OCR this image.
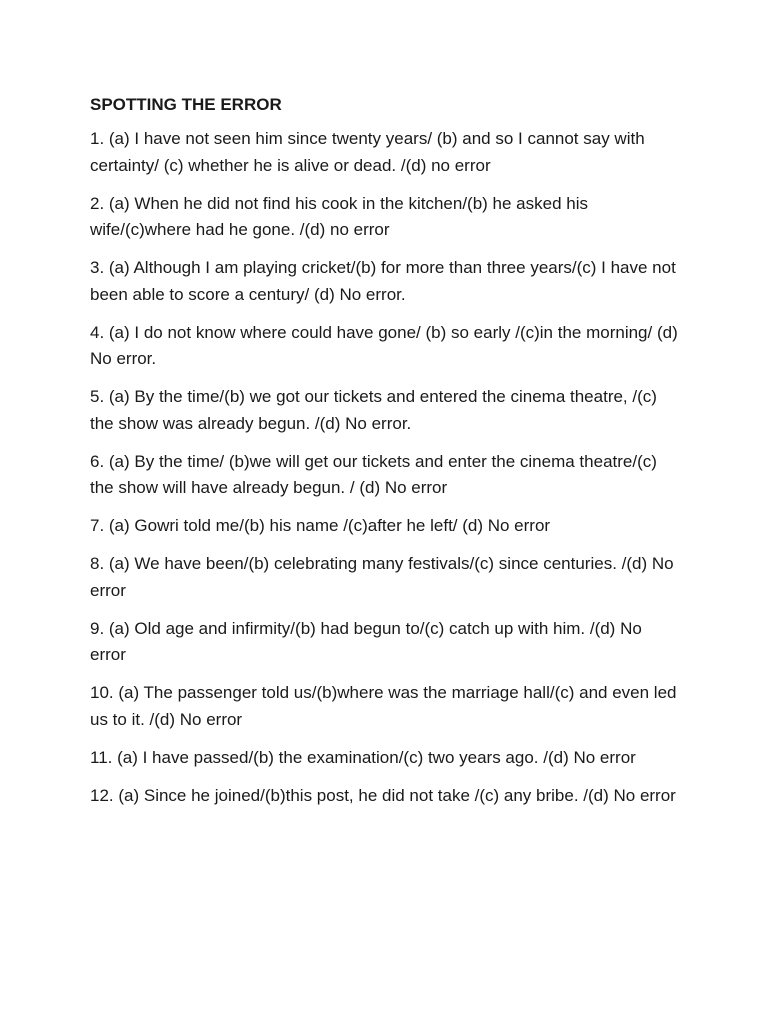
SPOTTING THE ERROR
1. (a) I have not seen him since twenty years/ (b) and so I cannot say with certainty/ (c) whether he is alive or dead. /(d) no error
2. (a) When he did not find his cook in the kitchen/(b) he asked his wife/(c)where had he gone. /(d) no error
3. (a) Although I am playing cricket/(b) for more than three years/(c) I have not been able to score a century/ (d) No error.
4. (a) I do not know where could have gone/ (b) so early /(c)in the morning/ (d) No error.
5. (a) By the time/(b) we got our tickets and entered the cinema theatre, /(c) the show was already begun. /(d) No error.
6. (a) By the time/ (b)we will get our tickets and enter the cinema theatre/(c) the show will have already begun. / (d) No error
7. (a) Gowri told me/(b) his name /(c)after he left/ (d) No error
8. (a) We have been/(b) celebrating many festivals/(c) since centuries. /(d) No error
9. (a) Old age and infirmity/(b) had begun to/(c) catch up with him. /(d) No error
10. (a) The passenger told us/(b)where was the marriage hall/(c) and even led us to it. /(d) No error
11. (a) I have passed/(b) the examination/(c) two years ago. /(d) No error
12. (a) Since he joined/(b)this post, he did not take /(c) any bribe. /(d) No error
